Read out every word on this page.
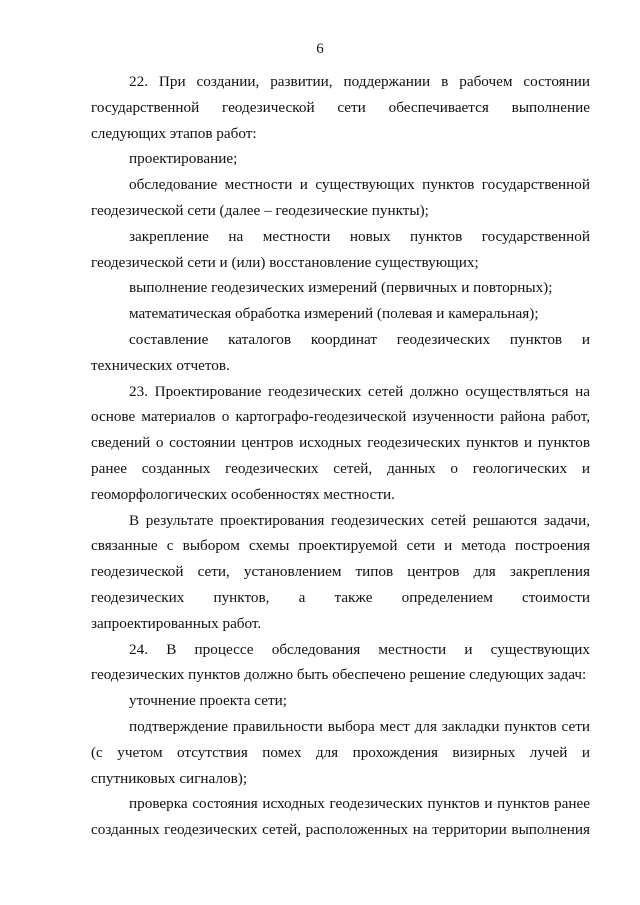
6

22. При создании, развитии, поддержании в рабочем состоянии государственной геодезической сети обеспечивается выполнение следующих этапов работ:

проектирование;

обследование местности и существующих пунктов государственной геодезической сети (далее – геодезические пункты);

закрепление на местности новых пунктов государственной геодезической сети и (или) восстановление существующих;

выполнение геодезических измерений (первичных и повторных);

математическая обработка измерений (полевая и камеральная);

составление каталогов координат геодезических пунктов и технических отчетов.

23. Проектирование геодезических сетей должно осуществляться на основе материалов о картографо-геодезической изученности района работ, сведений о состоянии центров исходных геодезических пунктов и пунктов ранее созданных геодезических сетей, данных о геологических и геоморфологических особенностях местности.

В результате проектирования геодезических сетей решаются задачи, связанные с выбором схемы проектируемой сети и метода построения геодезической сети, установлением типов центров для закрепления геодезических пунктов, а также определением стоимости запроектированных работ.

24. В процессе обследования местности и существующих геодезических пунктов должно быть обеспечено решение следующих задач:

уточнение проекта сети;

подтверждение правильности выбора мест для закладки пунктов сети (с учетом отсутствия помех для прохождения визирных лучей и спутниковых сигналов);

проверка состояния исходных геодезических пунктов и пунктов ранее созданных геодезических сетей, расположенных на территории выполнения
